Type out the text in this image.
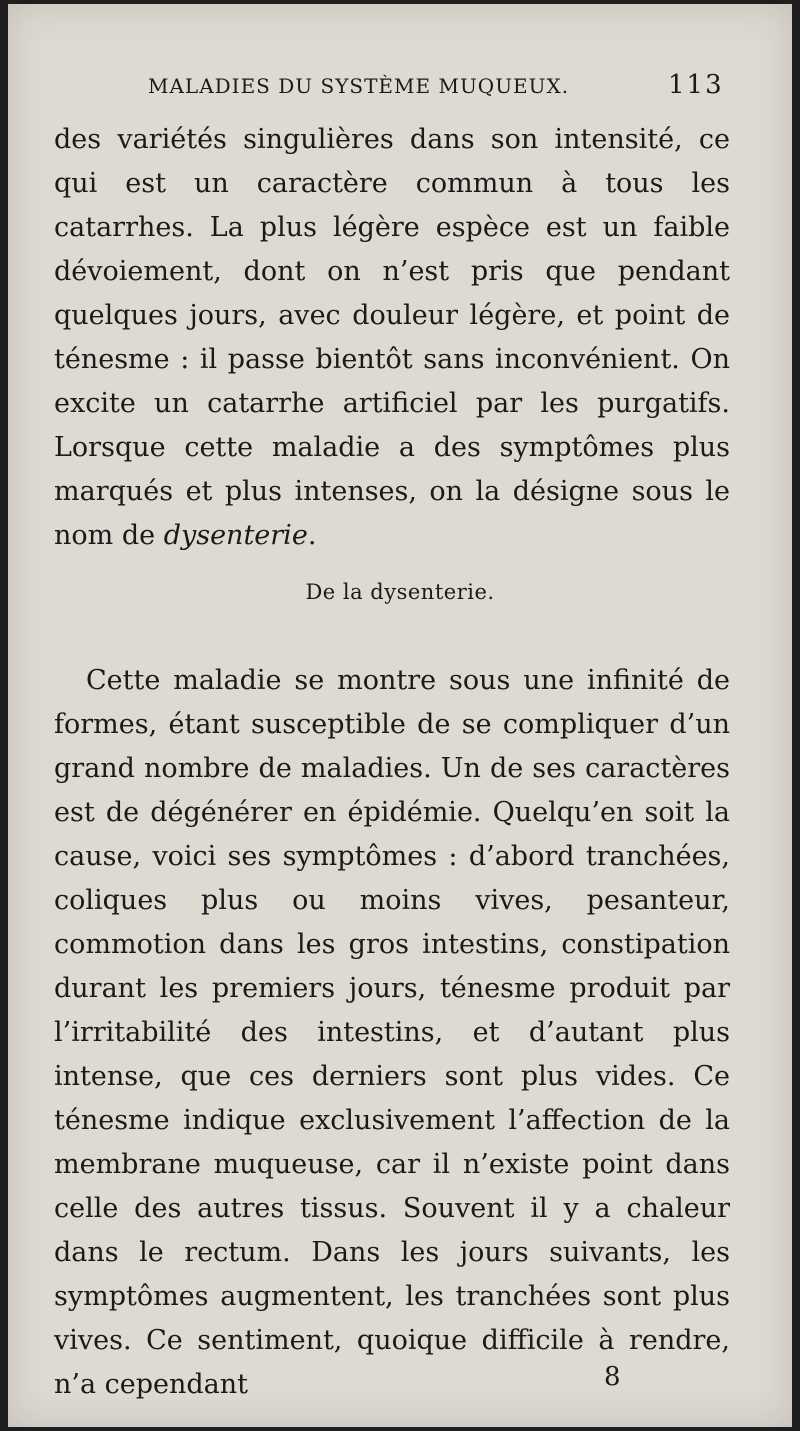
MALADIES DU SYSTÈME MUQUEUX.	113

des variétés singulières dans son intensité, ce qui est un caractère commun à tous les catarrhes. La plus légère espèce est un faible dévoiement, dont on n’est pris que pendant quelques jours, avec douleur légère, et point de ténesme : il passe bientôt sans inconvénient. On excite un catarrhe artificiel par les purgatifs. Lorsque cette maladie a des symptômes plus marqués et plus intenses, on la désigne sous le nom de dysenterie.

De la dysenterie.

Cette maladie se montre sous une infinité de formes, étant susceptible de se compliquer d’un grand nombre de maladies. Un de ses caractères est de dégénérer en épidémie. Quelqu’en soit la cause, voici ses symptômes : d’abord tranchées, coliques plus ou moins vives, pesanteur, commotion dans les gros intestins, constipation durant les premiers jours, ténesme produit par l’irritabilité des intestins, et d’autant plus intense, que ces derniers sont plus vides. Ce ténesme indique exclusivement l’affection de la membrane muqueuse, car il n’existe point dans celle des autres tissus. Souvent il y a chaleur dans le rectum. Dans les jours suivants, les symptômes augmentent, les tranchées sont plus vives. Ce sentiment, quoique difficile à rendre, n’a cependant	8
